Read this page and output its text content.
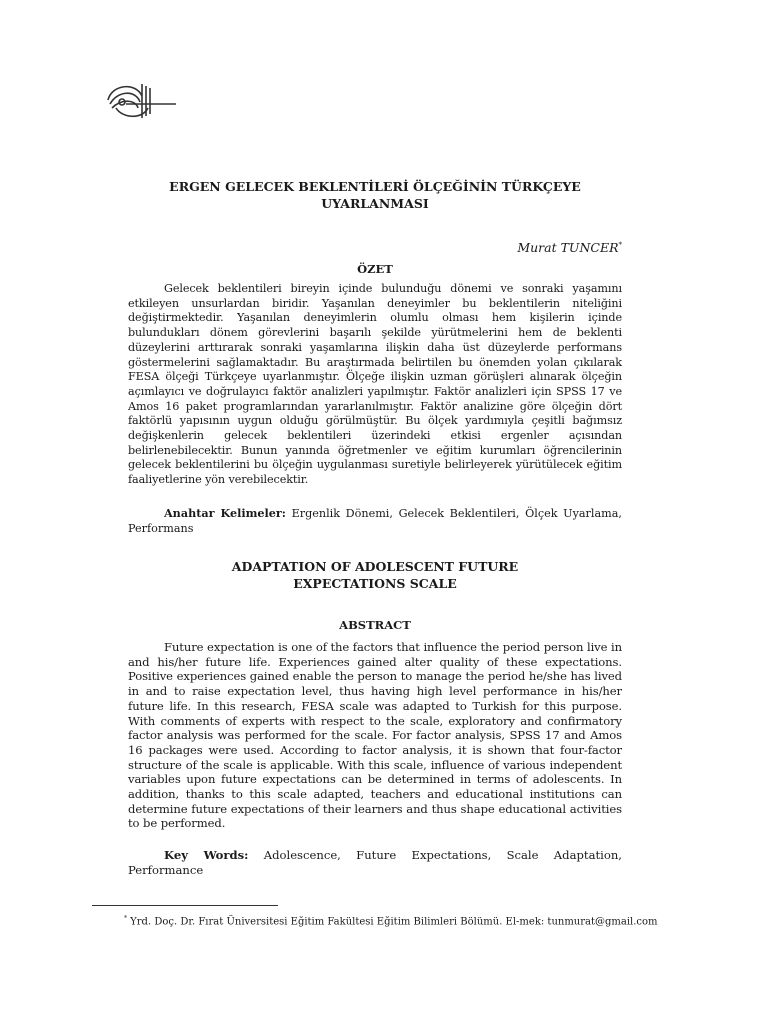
ERGEN GELECEK BEKLENTİLERİ ÖLÇEĞİNİN TÜRKÇEYE

UYARLANMASI

Murat TUNCER*

ÖZET

Gelecek beklentileri bireyin içinde bulunduğu dönemi ve sonraki yaşamını etkileyen unsurlardan biridir. Yaşanılan deneyimler bu beklentilerin niteliğini değiştirmektedir. Yaşanılan deneyimlerin olumlu olması hem kişilerin içinde bulundukları dönem görevlerini başarılı şekilde yürütmelerini hem de beklenti düzeylerini arttırarak sonraki yaşamlarına ilişkin daha üst düzeylerde performans göstermelerini sağlamaktadır. Bu araştırmada belirtilen bu önemden yolan çıkılarak FESA ölçeği Türkçeye uyarlanmıştır. Ölçeğe ilişkin uzman görüşleri alınarak ölçeğin açımlayıcı ve doğrulayıcı faktör analizleri yapılmıştır. Faktör analizleri için SPSS 17 ve Amos 16 paket programlarından yararlanılmıştır. Faktör analizine göre ölçeğin dört faktörlü yapısının uygun olduğu görülmüştür. Bu ölçek yardımıyla çeşitli bağımsız değişkenlerin gelecek beklentileri üzerindeki etkisi ergenler açısından belirlenebilecektir. Bunun yanında öğretmenler ve eğitim kurumları öğrencilerinin gelecek beklentilerini bu ölçeğin uygulanması suretiyle belirleyerek yürütülecek eğitim faaliyetlerine yön verebilecektir.

Anahtar Kelimeler: Ergenlik Dönemi, Gelecek Beklentileri, Ölçek Uyarlama, Performans

ADAPTATION OF ADOLESCENT FUTURE

EXPECTATIONS SCALE

ABSTRACT

Future expectation is one of the factors that influence the period person live in and his/her future life. Experiences gained alter quality of these expectations. Positive experiences gained enable the person to manage the period he/she has lived in and to raise expectation level, thus having high level performance in his/her future life. In this research, FESA scale was adapted to Turkish for this purpose. With comments of experts with respect to the scale, exploratory and confirmatory factor analysis was performed for the scale. For factor analysis, SPSS 17 and Amos 16 packages were used. According to factor analysis, it is shown that four-factor structure of the scale is applicable. With this scale, influence of various independent variables upon future expectations can be determined in terms of adolescents. In addition, thanks to this scale adapted, teachers and educational institutions can determine future expectations of their learners and thus shape educational activities to be performed.

Key Words: Adolescence, Future Expectations, Scale Adaptation, Performance

* Yrd. Doç. Dr. Fırat Üniversitesi Eğitim Fakültesi Eğitim Bilimleri Bölümü. El-mek: tunmurat@gmail.com
